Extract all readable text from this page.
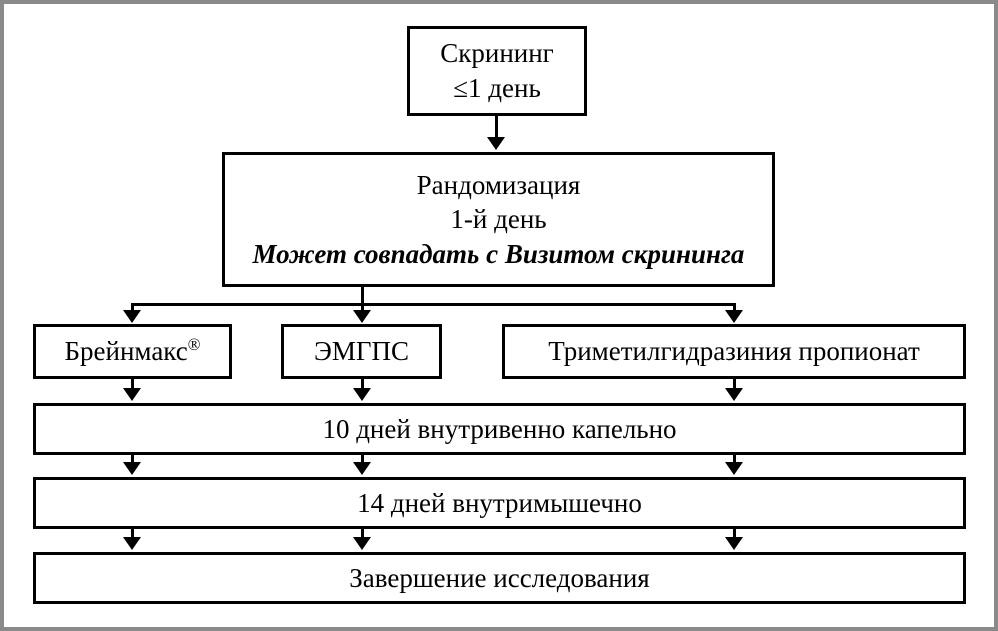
Скрининг
≤1 день
Рандомизация
1-й день
Может совпадать с Визитом скрининга
Брейнмакс®	ЭМГПС	Триметилгидразиния пропионат
10 дней внутривенно капельно
14 дней внутримышечно
Завершение исследования
